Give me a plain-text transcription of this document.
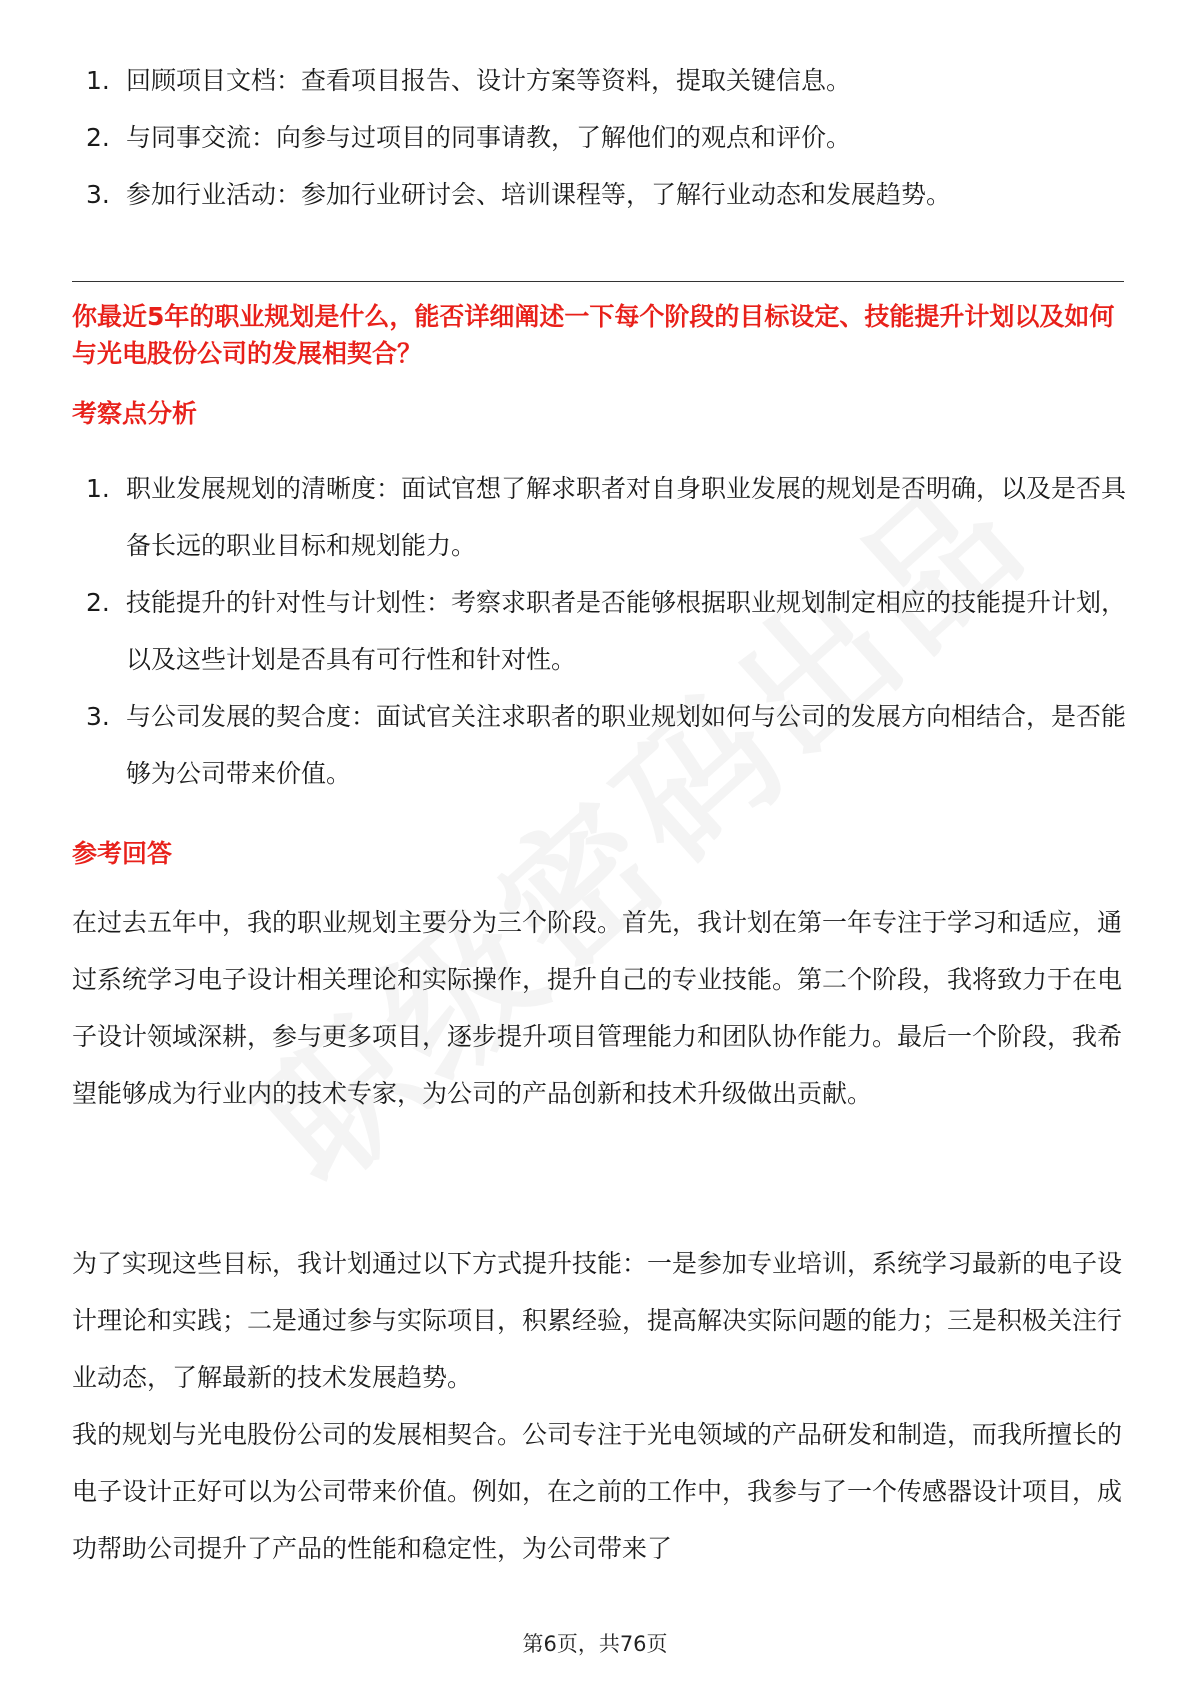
1. 回顾项目文档：查看项目报告、设计方案等资料，提取关键信息。
2. 与同事交流：向参与过项目的同事请教，了解他们的观点和评价。
3. 参加行业活动：参加行业研讨会、培训课程等，了解行业动态和发展趋势。
你最近5年的职业规划是什么，能否详细阐述一下每个阶段的目标设定、技能提升计划以及如何与光电股份公司的发展相契合？
考察点分析
1. 职业发展规划的清晰度：面试官想了解求职者对自身职业发展的规划是否明确，以及是否具备长远的职业目标和规划能力。
2. 技能提升的针对性与计划性：考察求职者是否能够根据职业规划制定相应的技能提升计划，以及这些计划是否具有可行性和针对性。
3. 与公司发展的契合度：面试官关注求职者的职业规划如何与公司的发展方向相结合，是否能够为公司带来价值。
参考回答

在过去五年中，我的职业规划主要分为三个阶段。首先，我计划在第一年专注于学习和适应，通过系统学习电子设计相关理论和实际操作，提升自己的专业技能。第二个阶段，我将致力于在电子设计领域深耕，参与更多项目，逐步提升项目管理能力和团队协作能力。最后一个阶段，我希望能够成为行业内的技术专家，为公司的产品创新和技术升级做出贡献。

为了实现这些目标，我计划通过以下方式提升技能：一是参加专业培训，系统学习最新的电子设计理论和实践；二是通过参与实际项目，积累经验，提高解决实际问题的能力；三是积极关注行业动态，了解最新的技术发展趋势。

我的规划与光电股份公司的发展相契合。公司专注于光电领域的产品研发和制造，而我所擅长的电子设计正好可以为公司带来价值。例如，在之前的工作中，我参与了一个传感器设计项目，成功帮助公司提升了产品的性能和稳定性，为公司带来了

第6页，共76页
